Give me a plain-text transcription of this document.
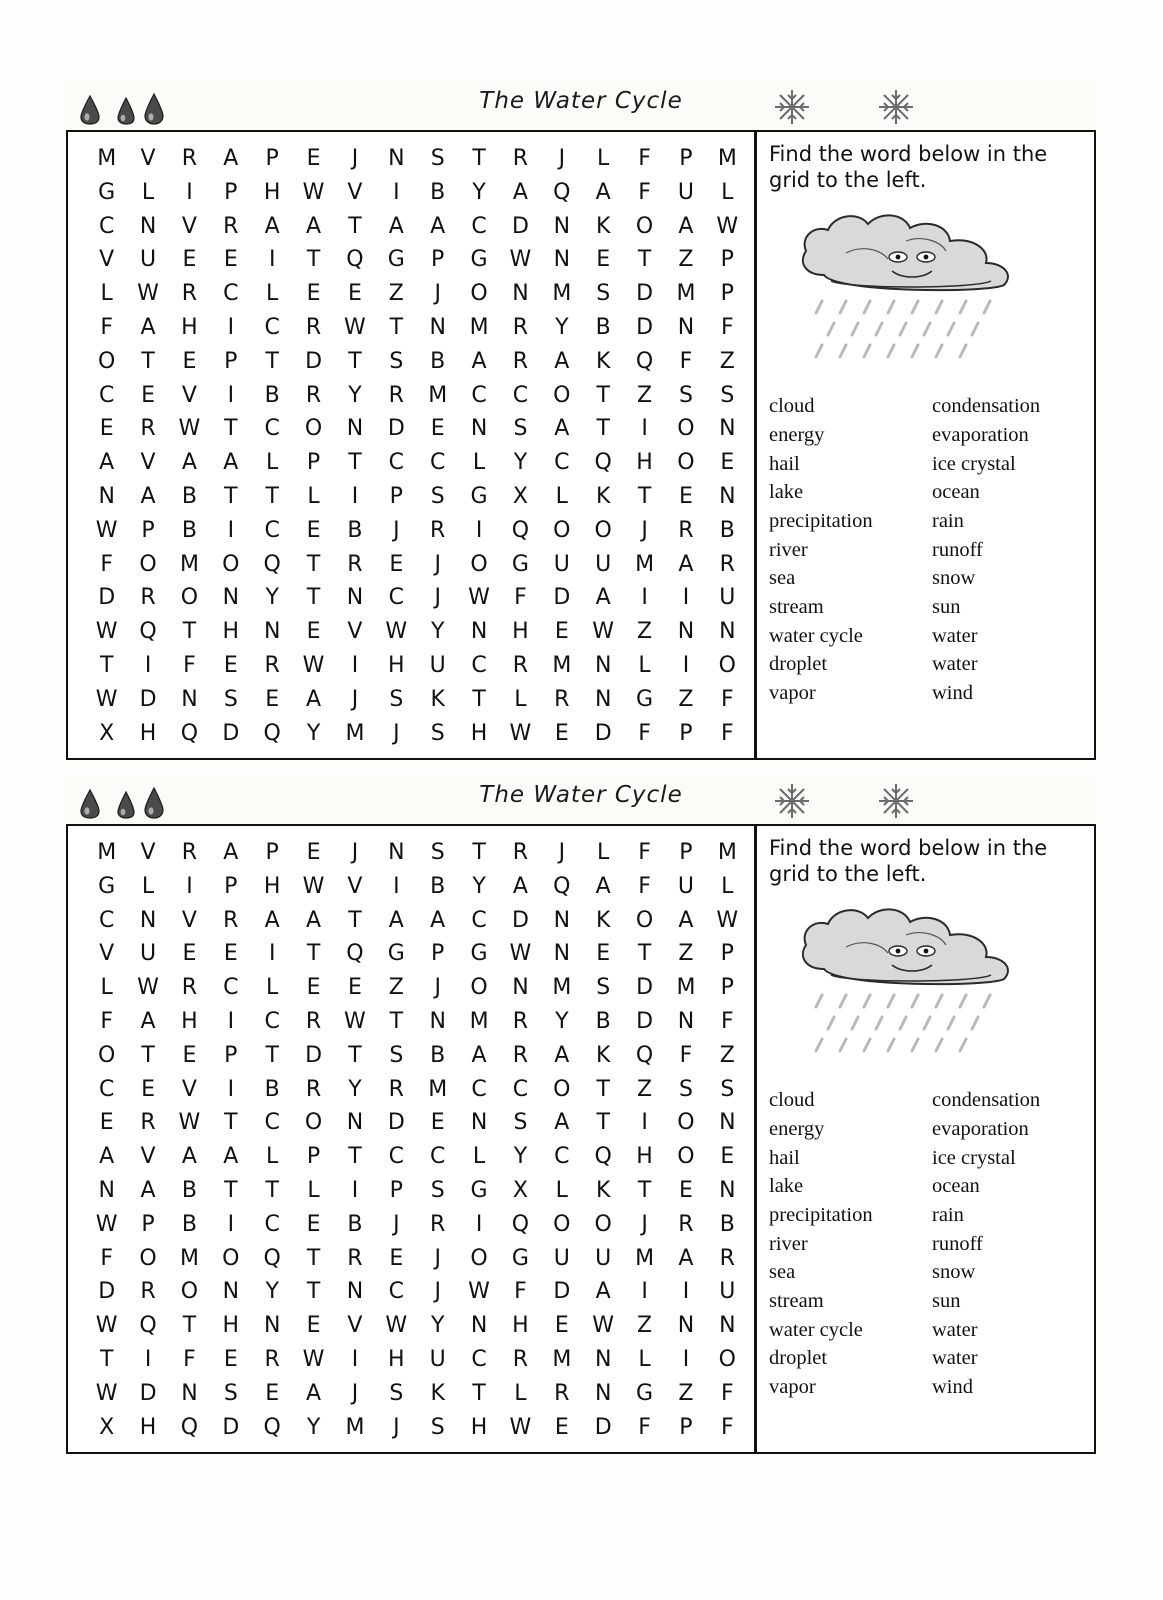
The Water Cycle
M	V	R	A	P	E	J	N	S	T	R	J	L	F	P	M
G	L	I	P	H	W	V	I	B	Y	A	Q	A	F	U	L
C	N	V	R	A	A	T	A	A	C	D	N	K	O	A	W
V	U	E	E	I	T	Q	G	P	G	W	N	E	T	Z	P
L	W	R	C	L	E	E	Z	J	O	N	M	S	D	M	P
F	A	H	I	C	R	W	T	N	M	R	Y	B	D	N	F
O	T	E	P	T	D	T	S	B	A	R	A	K	Q	F	Z
C	E	V	I	B	R	Y	R	M	C	C	O	T	Z	S	S
E	R	W	T	C	O	N	D	E	N	S	A	T	I	O	N
A	V	A	A	L	P	T	C	C	L	Y	C	Q	H	O	E
N	A	B	T	T	L	I	P	S	G	X	L	K	T	E	N
W	P	B	I	C	E	B	J	R	I	Q	O	O	J	R	B
F	O	M	O	Q	T	R	E	J	O	G	U	U	M	A	R
D	R	O	N	Y	T	N	C	J	W	F	D	A	I	I	U
W	Q	T	H	N	E	V	W	Y	N	H	E	W	Z	N	N
T	I	F	E	R	W	I	H	U	C	R	M	N	L	I	O
W	D	N	S	E	A	J	S	K	T	L	R	N	G	Z	F
X	H	Q	D	Q	Y	M	J	S	H	W	E	D	F	P	F

Find the word below in the grid to the left.

cloud	condensation
energy	evaporation
hail	ice crystal
lake	ocean
precipitation	rain
river	runoff
sea	snow
stream	sun
water cycle	water
droplet	water
vapor	wind
The Water Cycle
M	V	R	A	P	E	J	N	S	T	R	J	L	F	P	M
G	L	I	P	H	W	V	I	B	Y	A	Q	A	F	U	L
C	N	V	R	A	A	T	A	A	C	D	N	K	O	A	W
V	U	E	E	I	T	Q	G	P	G	W	N	E	T	Z	P
L	W	R	C	L	E	E	Z	J	O	N	M	S	D	M	P
F	A	H	I	C	R	W	T	N	M	R	Y	B	D	N	F
O	T	E	P	T	D	T	S	B	A	R	A	K	Q	F	Z
C	E	V	I	B	R	Y	R	M	C	C	O	T	Z	S	S
E	R	W	T	C	O	N	D	E	N	S	A	T	I	O	N
A	V	A	A	L	P	T	C	C	L	Y	C	Q	H	O	E
N	A	B	T	T	L	I	P	S	G	X	L	K	T	E	N
W	P	B	I	C	E	B	J	R	I	Q	O	O	J	R	B
F	O	M	O	Q	T	R	E	J	O	G	U	U	M	A	R
D	R	O	N	Y	T	N	C	J	W	F	D	A	I	I	U
W	Q	T	H	N	E	V	W	Y	N	H	E	W	Z	N	N
T	I	F	E	R	W	I	H	U	C	R	M	N	L	I	O
W	D	N	S	E	A	J	S	K	T	L	R	N	G	Z	F
X	H	Q	D	Q	Y	M	J	S	H	W	E	D	F	P	F

Find the word below in the grid to the left.

cloud	condensation
energy	evaporation
hail	ice crystal
lake	ocean
precipitation	rain
river	runoff
sea	snow
stream	sun
water cycle	water
droplet	water
vapor	wind
